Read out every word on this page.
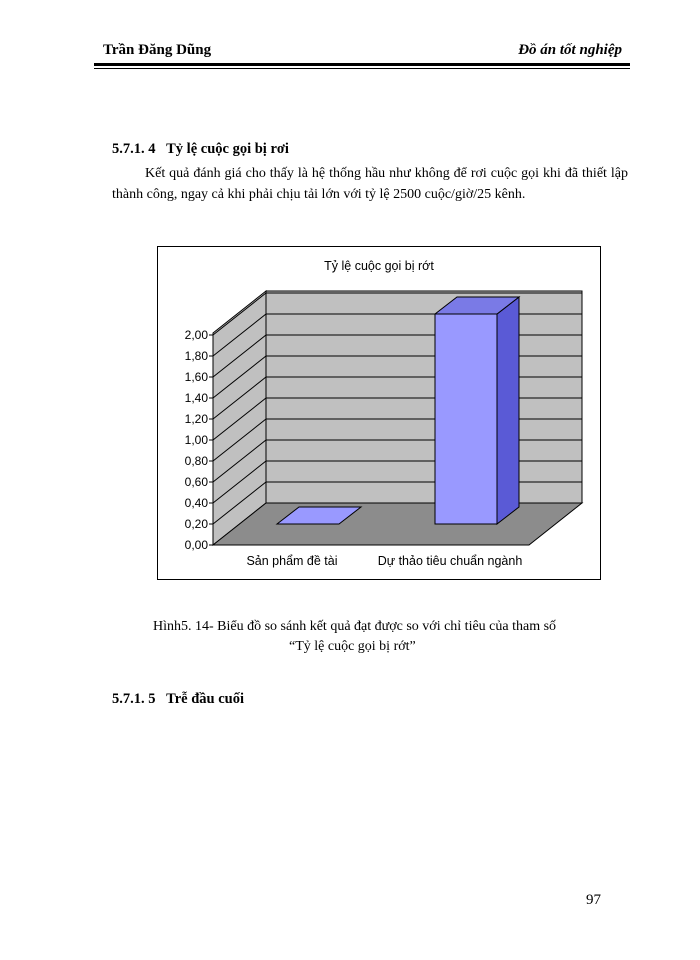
Trần Đăng Dũng	Đồ án tốt nghiệp
5.7.1. 4 Tỷ lệ cuộc gọi bị rơi
Kết quả đánh giá cho thấy là hệ thống hầu như không để rơi cuộc gọi khi đã thiết lập thành công, ngay cả khi phải chịu tải lớn với tỷ lệ 2500 cuộc/giờ/25 kênh.
0,00
0,20
0,40
0,60
0,80
1,00
1,20
1,40
1,60
1,80
2,00
Sản phẩm đề tài	Dự thảo tiêu chuẩn ngành
Tỷ lệ cuộc gọi bị rớt
Hình5. 14- Biểu đồ so sánh kết quả đạt được so với chỉ tiêu của tham số
“Tỷ lệ cuộc gọi bị rớt”
5.7.1. 5 Trễ đầu cuối
97
